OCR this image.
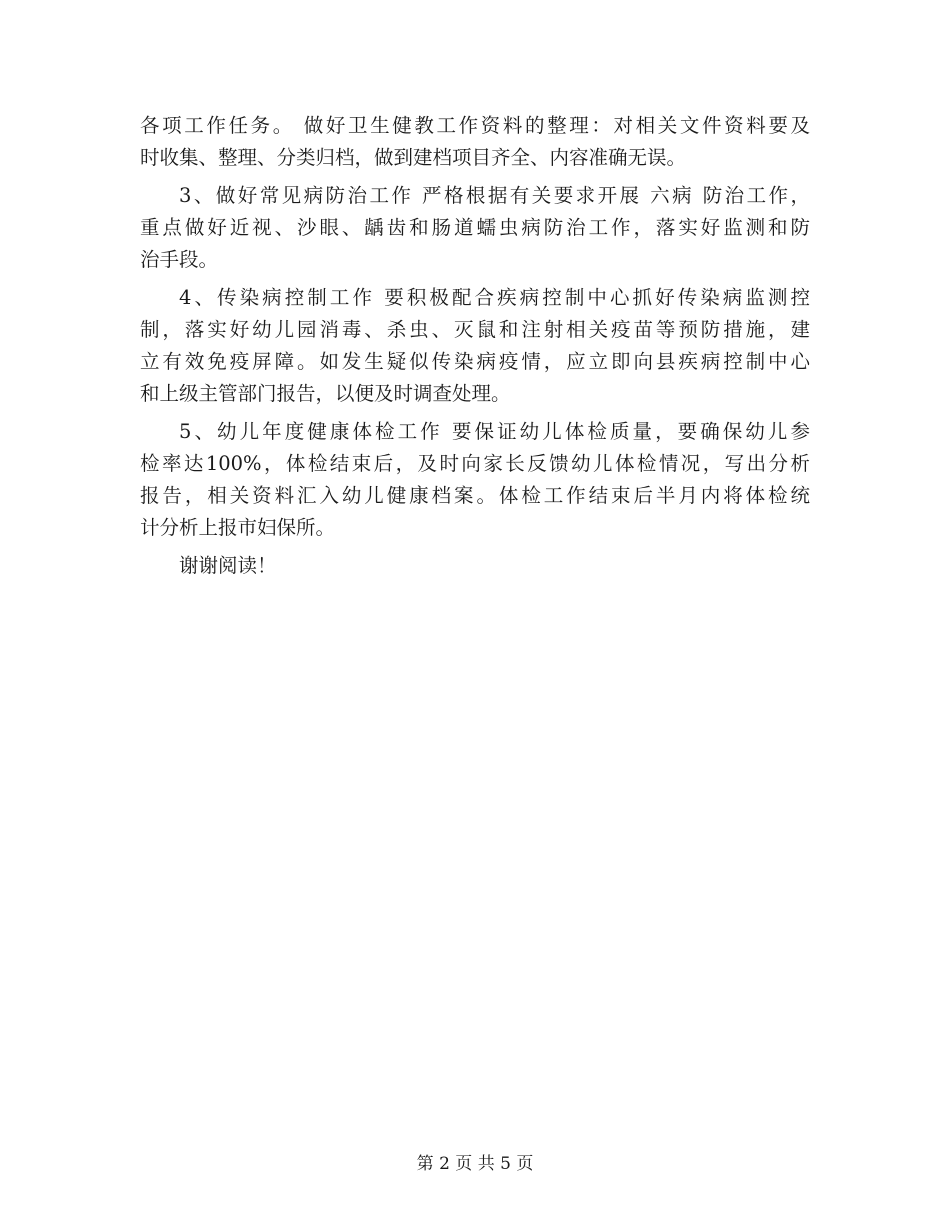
各项工作任务。 做好卫生健教工作资料的整理：对相关文件资料要及
时收集、整理、分类归档，做到建档项目齐全、内容准确无误。
3、做好常见病防治工作 严格根据有关要求开展 六病 防治工作，
重点做好近视、沙眼、龋齿和肠道蠕虫病防治工作，落实好监测和防
治手段。
4、传染病控制工作 要积极配合疾病控制中心抓好传染病监测控
制，落实好幼儿园消毒、杀虫、灭鼠和注射相关疫苗等预防措施，建
立有效免疫屏障。如发生疑似传染病疫情，应立即向县疾病控制中心
和上级主管部门报告，以便及时调查处理。
5、幼儿年度健康体检工作 要保证幼儿体检质量，要确保幼儿参
检率达100%，体检结束后，及时向家长反馈幼儿体检情况，写出分析
报告，相关资料汇入幼儿健康档案。体检工作结束后半月内将体检统
计分析上报市妇保所。
谢谢阅读！
第 2 页 共 5 页
